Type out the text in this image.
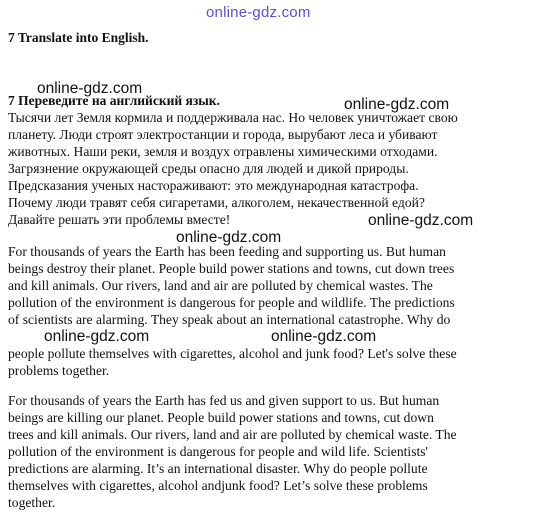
online-gdz.com
online-gdz.com
online-gdz.com
online-gdz.com
online-gdz.com
online-gdz.com	online-gdz.com
7 Translate into English.
7 Переведите на английский язык.
Тысячи лет Земля кормила и поддерживала нас. Но человек уничтожает свою
планету. Люди строят электростанции и города, вырубают леса и убивают
животных. Наши реки, земля и воздух отравлены химическими отходами.
Загрязнение окружающей среды опасно для людей и дикой природы.
Предсказания ученых настораживают: это международная катастрофа.
Почему люди травят себя сигаретами, алкоголем, некачественной едой?
Давайте решать эти проблемы вместе!
For thousands of years the Earth has been feeding and supporting us. But human
beings destroy their planet. People build power stations and towns, cut down trees
and kill animals. Our rivers, land and air are polluted by chemical wastes. The
pollution of the environment is dangerous for people and wildlife. The predictions
of scientists are alarming. They speak about an international catastrophe. Why do
people pollute themselves with cigarettes, alcohol and junk food? Let's solve these
problems together.
For thousands of years the Earth has fed us and given support to us. But human
beings are killing our planet. People build power stations and towns, cut down
trees and kill animals. Our rivers, land and air are polluted by chemical waste. The
pollution of the environment is dangerous for people and wild life. Scientists'
predictions are alarming. It’s an international disaster. Why do people pollute
themselves with cigarettes, alcohol andjunk food? Let’s solve these problems
together.
